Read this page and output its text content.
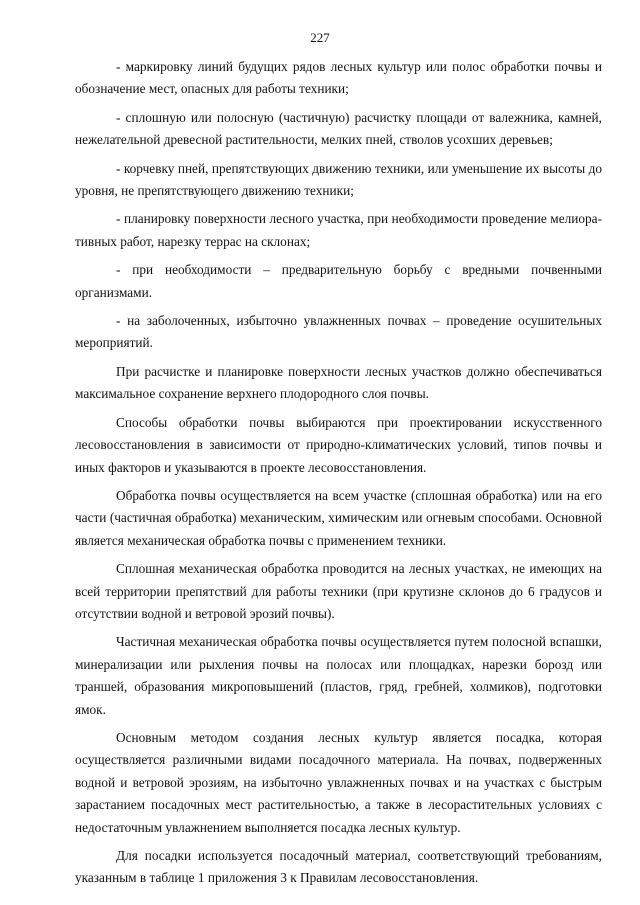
227

- маркировку линий будущих рядов лесных культур или полос обработки почвы и обозначение мест, опасных для работы техники;

- сплошную или полосную (частичную) расчистку площади от валежника, камней, нежелательной древесной растительности, мелких пней, стволов усохших деревьев;

- корчевку пней, препятствующих движению техники, или уменьшение их высоты до уровня, не препятствующего движению техники;

- планировку поверхности лесного участка, при необходимости проведение мелиоративных работ, нарезку террас на склонах;

- при необходимости – предварительную борьбу с вредными почвенными организмами.

- на заболоченных, избыточно увлажненных почвах – проведение осушительных мероприятий.

При расчистке и планировке поверхности лесных участков должно обеспечиваться максимальное сохранение верхнего плодородного слоя почвы.

Способы обработки почвы выбираются при проектировании искусственного лесовосстановления в зависимости от природно-климатических условий, типов почвы и иных факторов и указываются в проекте лесовосстановления.

Обработка почвы осуществляется на всем участке (сплошная обработка) или на его части (частичная обработка) механическим, химическим или огневым способами. Основной является механическая обработка почвы с применением техники.

Сплошная механическая обработка проводится на лесных участках, не имеющих на всей территории препятствий для работы техники (при крутизне склонов до 6 градусов и отсутствии водной и ветровой эрозий почвы).

Частичная механическая обработка почвы осуществляется путем полосной вспашки, минерализации или рыхления почвы на полосах или площадках, нарезки борозд или траншей, образования микроповышений (пластов, гряд, гребней, холмиков), подготовки ямок.

Основным методом создания лесных культур является посадка, которая осуществляется различными видами посадочного материала. На почвах, подверженных водной и ветровой эрозиям, на избыточно увлажненных почвах и на участках с быстрым зарастанием посадочных мест растительностью, а также в лесорастительных условиях с недостаточным увлажнением выполняется посадка лесных культур.

Для посадки используется посадочный материал, соответствующий требованиям, указанным в таблице 1 приложения 3 к Правилам лесовосстановления.
